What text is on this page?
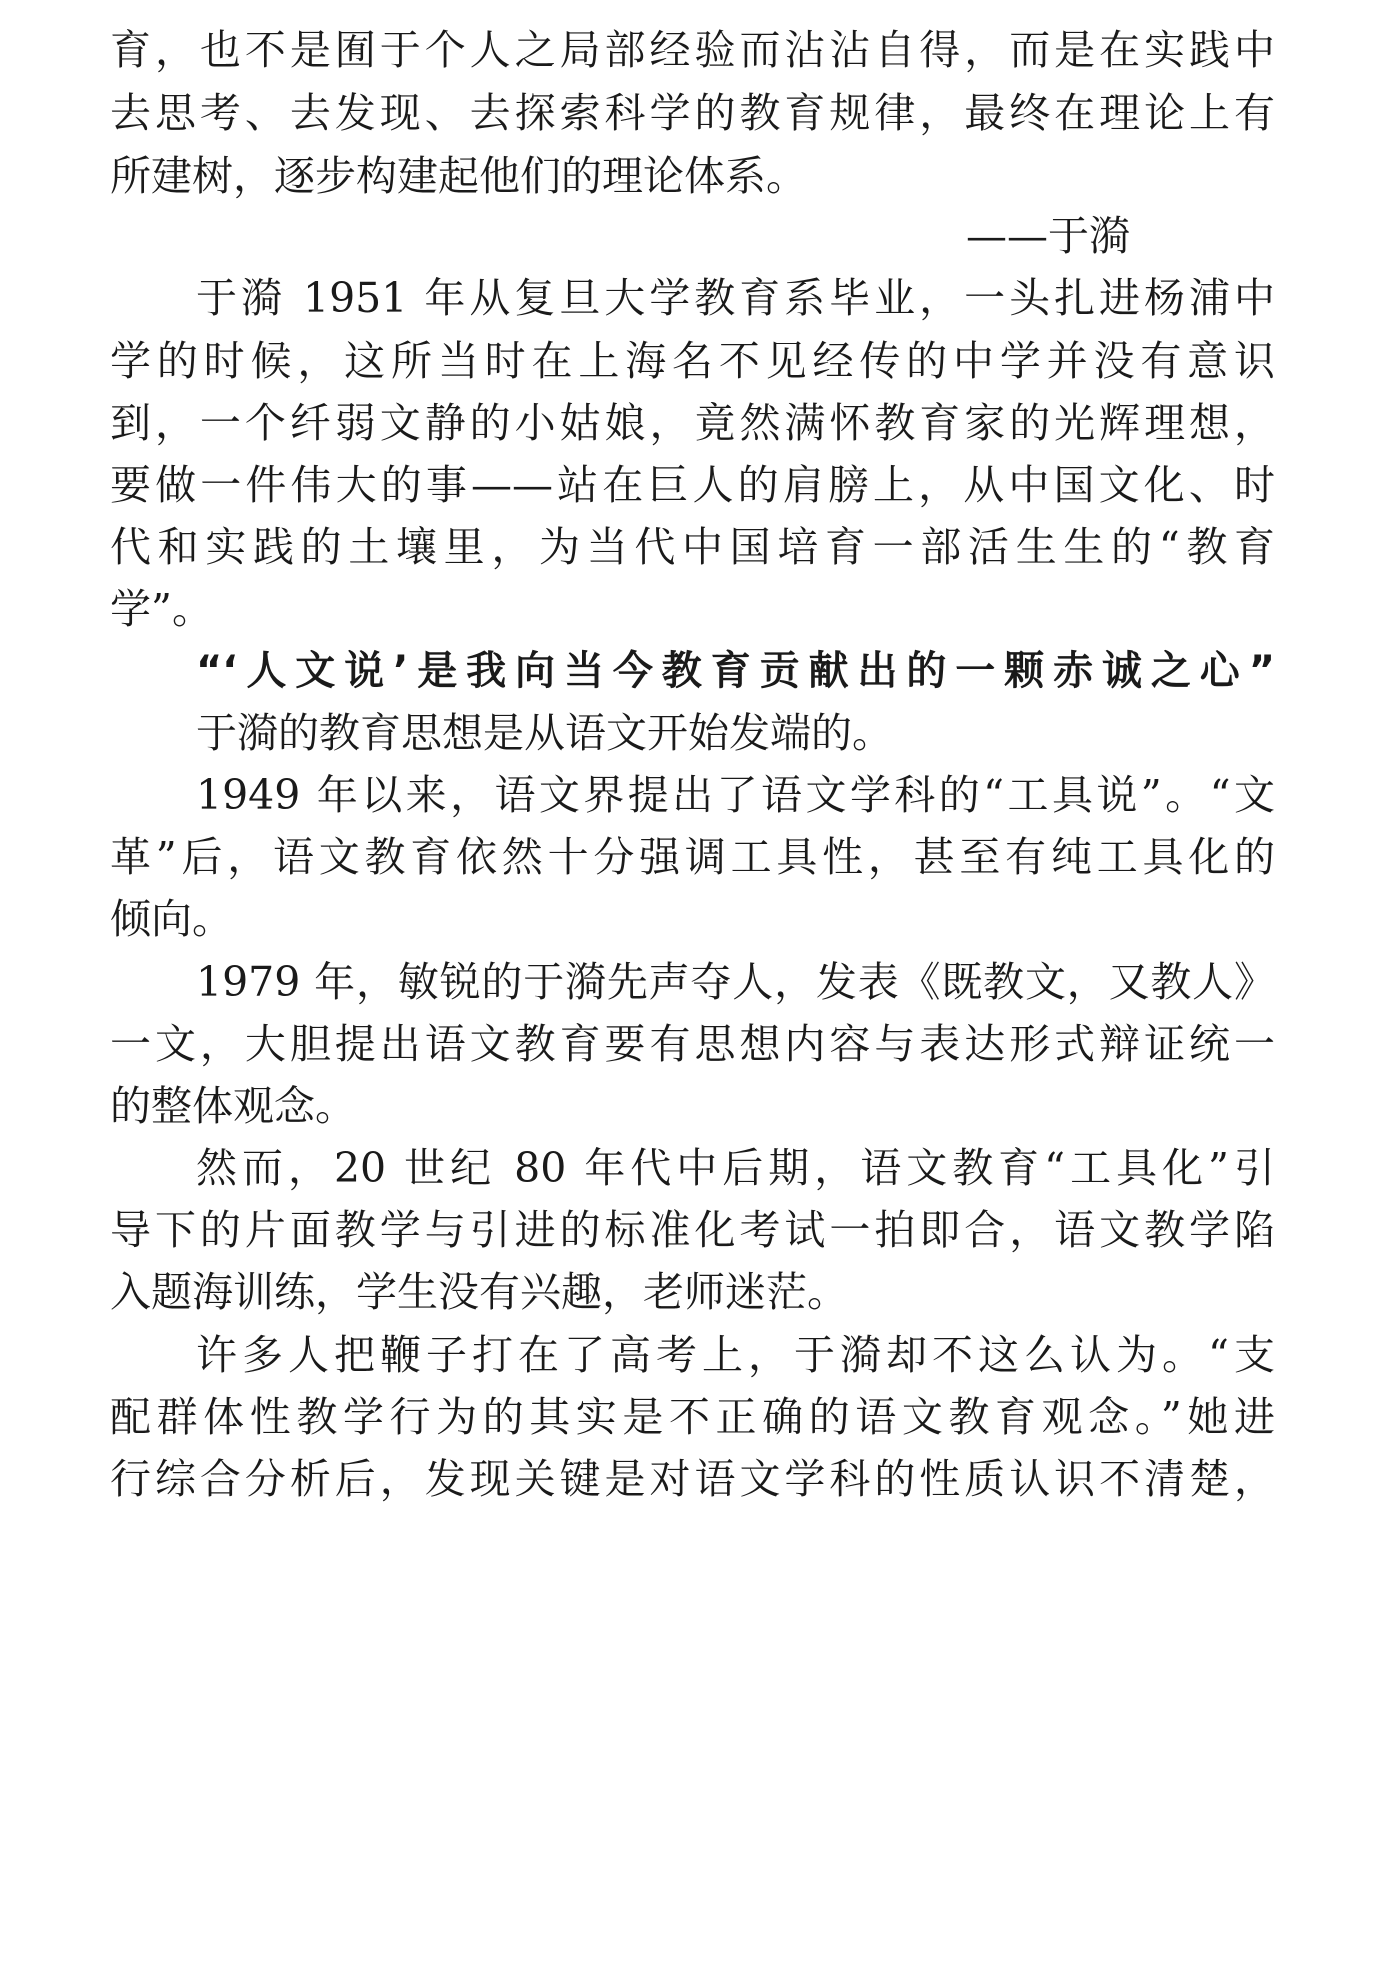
育，也不是囿于个人之局部经验而沾沾自得，而是在实践中

去思考、去发现、去探索科学的教育规律，最终在理论上有

所建树，逐步构建起他们的理论体系。

——于漪

于漪 1951 年从复旦大学教育系毕业，一头扎进杨浦中

学的时候，这所当时在上海名不见经传的中学并没有意识

到，一个纤弱文静的小姑娘，竟然满怀教育家的光辉理想，

要做一件伟大的事——站在巨人的肩膀上，从中国文化、时

代和实践的土壤里，为当代中国培育一部活生生的“教育

学”。

“‘人文说’是我向当今教育贡献出的一颗赤诚之心”

于漪的教育思想是从语文开始发端的。

1949 年以来，语文界提出了语文学科的“工具说”。“文

革”后，语文教育依然十分强调工具性，甚至有纯工具化的

倾向。

1979 年，敏锐的于漪先声夺人，发表《既教文，又教人》

一文，大胆提出语文教育要有思想内容与表达形式辩证统一

的整体观念。

然而，20 世纪 80 年代中后期，语文教育“工具化”引

导下的片面教学与引进的标准化考试一拍即合，语文教学陷

入题海训练，学生没有兴趣，老师迷茫。

许多人把鞭子打在了高考上，于漪却不这么认为。“支

配群体性教学行为的其实是不正确的语文教育观念。”她进

行综合分析后，发现关键是对语文学科的性质认识不清楚，
